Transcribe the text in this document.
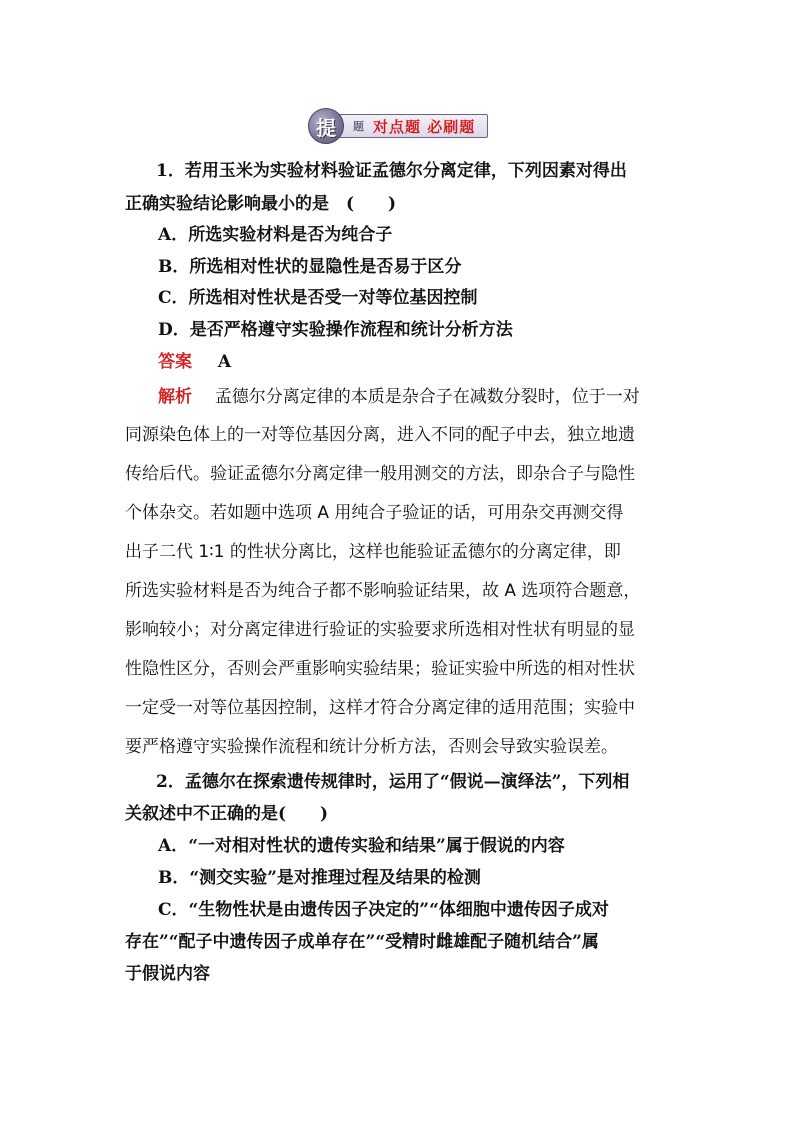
提 题 对点题 必刷题
1．若用玉米为实验材料验证孟德尔分离定律，下列因素对得出
正确实验结论影响最小的是　(　　)
A．所选实验材料是否为纯合子
B．所选相对性状的显隐性是否易于区分
C．所选相对性状是否受一对等位基因控制
D．是否严格遵守实验操作流程和统计分析方法
答案 A
解析 孟德尔分离定律的本质是杂合子在减数分裂时，位于一对
同源染色体上的一对等位基因分离，进入不同的配子中去，独立地遗
传给后代。验证孟德尔分离定律一般用测交的方法，即杂合子与隐性
个体杂交。若如题中选项 A 用纯合子验证的话，可用杂交再测交得
出子二代 1∶1 的性状分离比，这样也能验证孟德尔的分离定律，即
所选实验材料是否为纯合子都不影响验证结果，故 A 选项符合题意，
影响较小；对分离定律进行验证的实验要求所选相对性状有明显的显
性隐性区分，否则会严重影响实验结果；验证实验中所选的相对性状
一定受一对等位基因控制，这样才符合分离定律的适用范围；实验中
要严格遵守实验操作流程和统计分析方法，否则会导致实验误差。
2．孟德尔在探索遗传规律时，运用了“假说—演绎法”，下列相
关叙述中不正确的是(　　)
A．“一对相对性状的遗传实验和结果”属于假说的内容
B．“测交实验”是对推理过程及结果的检测
C．“生物性状是由遗传因子决定的”“体细胞中遗传因子成对
存在”“配子中遗传因子成单存在”“受精时雌雄配子随机结合”属
于假说内容
